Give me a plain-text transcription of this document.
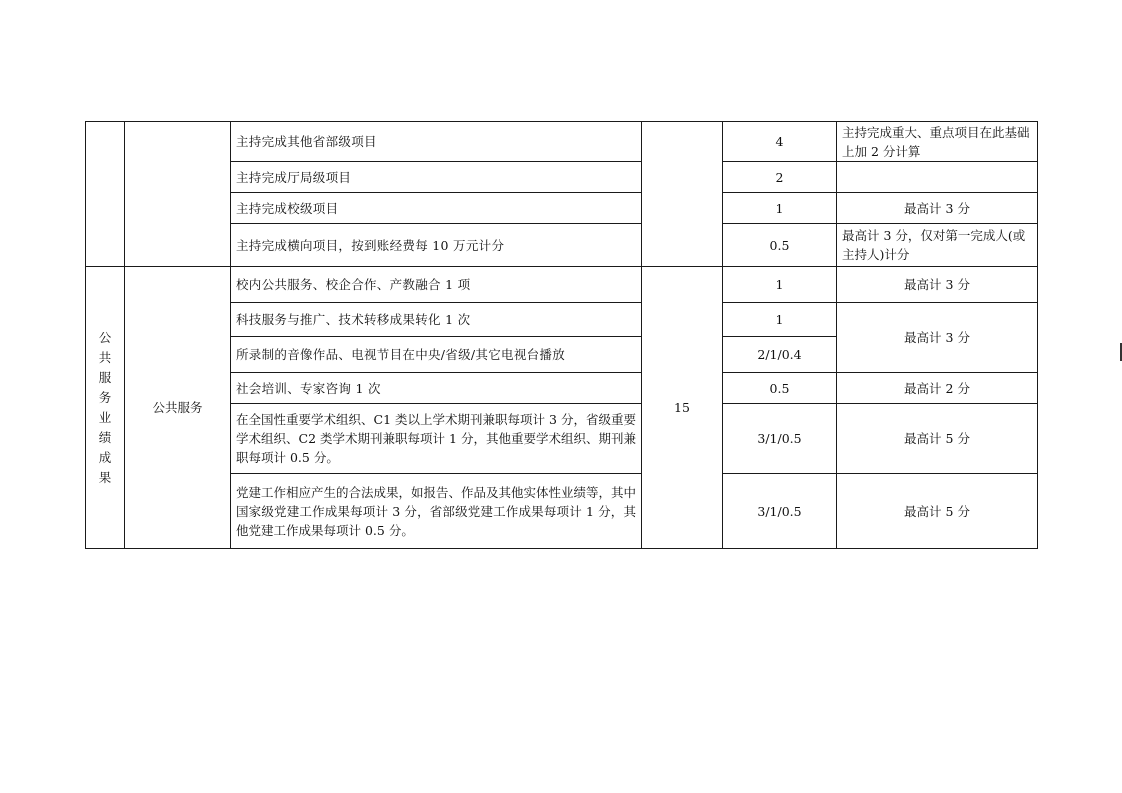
		主持完成其他省部级项目		4	主持完成重大、重点项目在此基础上加 2 分计算
		主持完成厅局级项目		2	
		主持完成校级项目		1	最高计 3 分
		主持完成横向项目，按到账经费每 10 万元计分		0.5	最高计 3 分，仅对第一完成人(或主持人)计分
公共服务业绩成果	公共服务	校内公共服务、校企合作、产教融合 1 项	15	1	最高计 3 分
		科技服务与推广、技术转移成果转化 1 次		1	最高计 3 分
		所录制的音像作品、电视节目在中央/省级/其它电视台播放		2/1/0.4	
		社会培训、专家咨询 1 次		0.5	最高计 2 分
		在全国性重要学术组织、C1 类以上学术期刊兼职每项计 3 分，省级重要学术组织、C2 类学术期刊兼职每项计 1 分，其他重要学术组织、期刊兼职每项计 0.5 分。		3/1/0.5	最高计 5 分
		党建工作相应产生的合法成果，如报告、作品及其他实体性业绩等，其中国家级党建工作成果每项计 3 分，省部级党建工作成果每项计 1 分，其他党建工作成果每项计 0.5 分。		3/1/0.5	最高计 5 分
